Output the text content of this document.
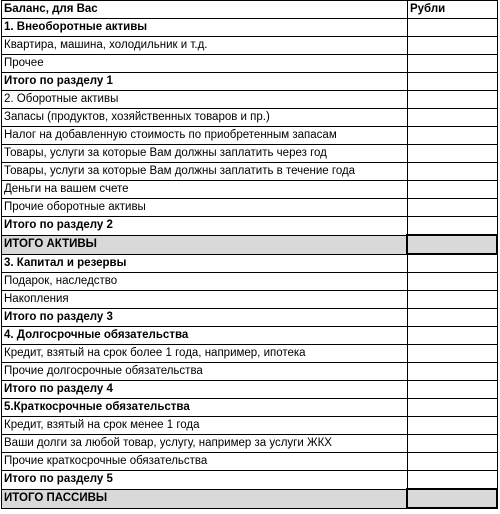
Баланс, для Вас	Рубли
1. Внеоборотные активы	
Квартира, машина, холодильник и т.д.	
Прочее	
Итого по разделу 1	
2. Оборотные активы	
Запасы (продуктов, хозяйственных товаров и пр.)	
Налог на добавленную стоимость по приобретенным запасам	
Товары, услуги за которые Вам должны заплатить через год	
Товары, услуги за которые Вам должны заплатить в течение года	
Деньги на вашем счете	
Прочие оборотные активы	
Итого по разделу 2	
ИТОГО АКТИВЫ	
3. Капитал и резервы	
Подарок, наследство	
Накопления	
Итого по разделу 3	
4. Долгосрочные обязательства	
Кредит, взятый на срок более 1 года, например, ипотека	
Прочие долгосрочные обязательства	
Итого по разделу 4	
5.Краткосрочные обязательства	
Кредит, взятый на срок менее 1 года	
Ваши долги за любой товар, услугу, например за услуги ЖКХ	
Прочие краткосрочные обязательства	
Итого по разделу 5	
ИТОГО ПАССИВЫ	
